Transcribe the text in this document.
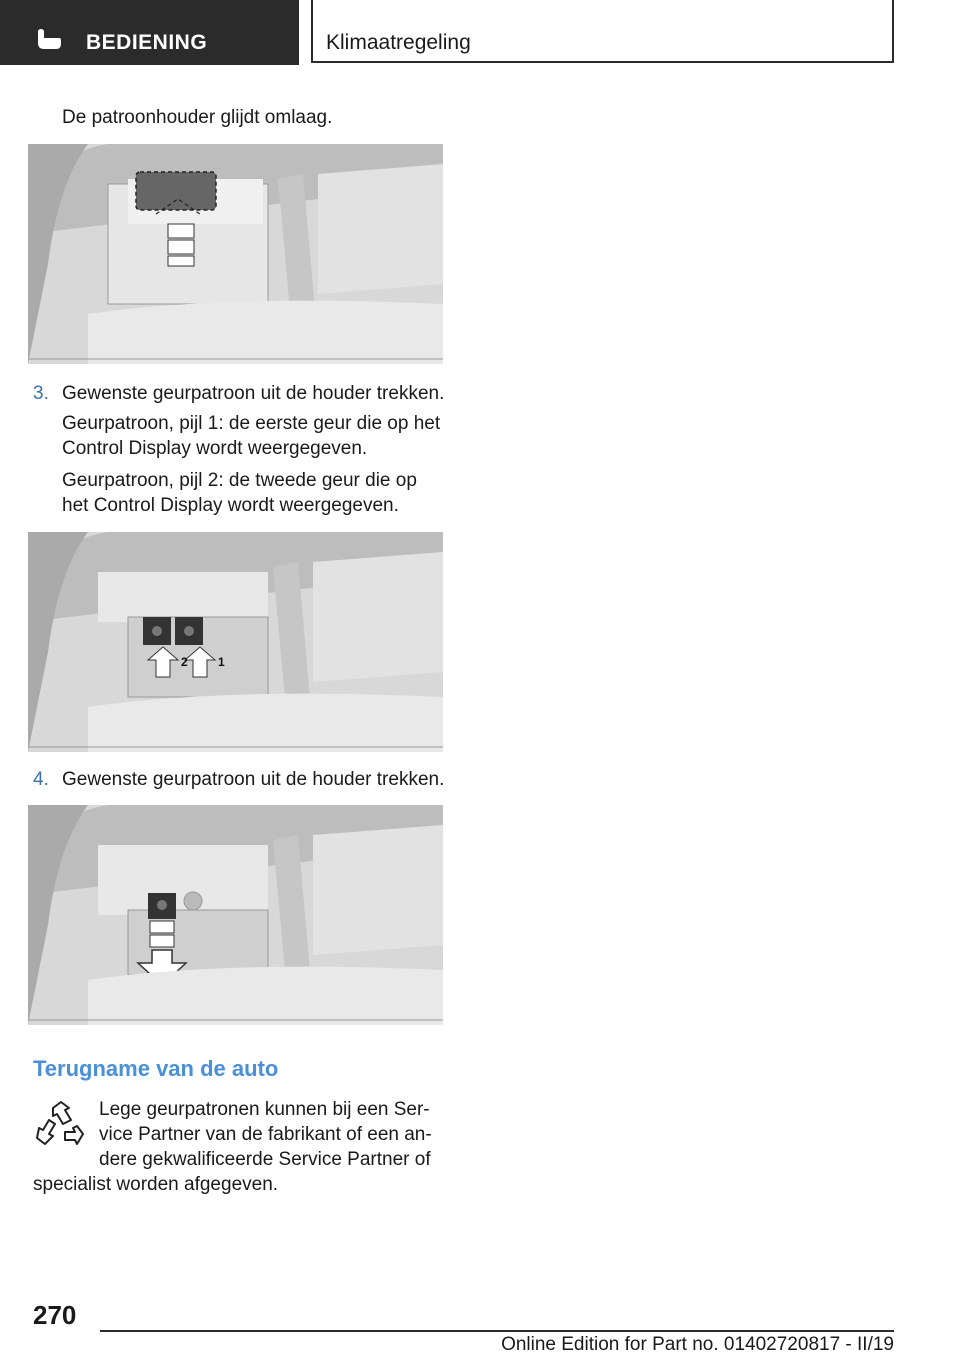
BEDIENING	Klimaatregeling
De patroonhouder glijdt omlaag.
3. Gewenste geurpatroon uit de houder trekken.
Geurpatroon, pijl 1: de eerste geur die op het
Control Display wordt weergegeven.
Geurpatroon, pijl 2: de tweede geur die op
het Control Display wordt weergegeven.
2	1
4. Gewenste geurpatroon uit de houder trekken.
Terugname van de auto
Lege geurpatronen kunnen bij een Ser-
vice Partner van de fabrikant of een an-
dere gekwalificeerde Service Partner of
specialist worden afgegeven.
270
Online Edition for Part no. 01402720817 - II/19
